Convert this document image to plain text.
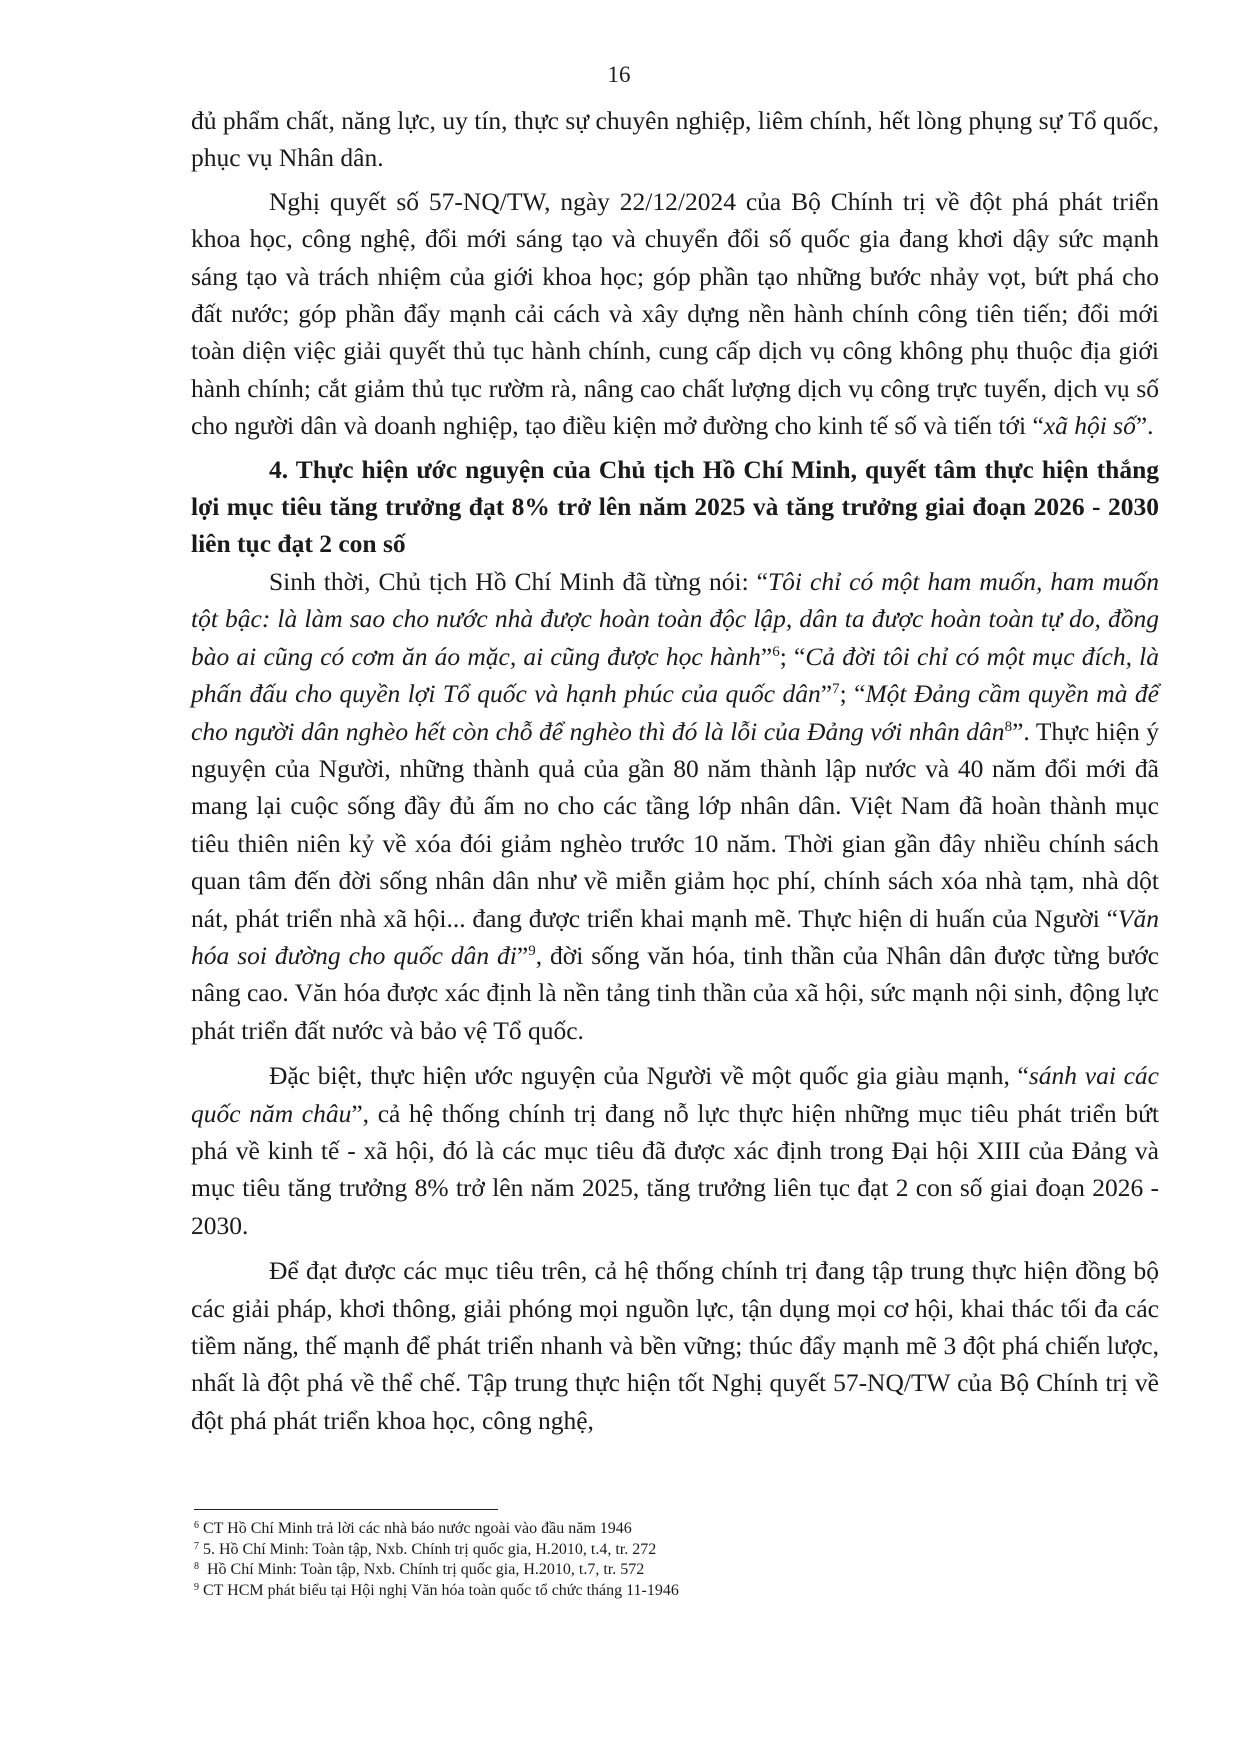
16

đủ phẩm chất, năng lực, uy tín, thực sự chuyên nghiệp, liêm chính, hết lòng phụng sự Tổ quốc, phục vụ Nhân dân.

Nghị quyết số 57-NQ/TW, ngày 22/12/2024 của Bộ Chính trị về đột phá phát triển khoa học, công nghệ, đổi mới sáng tạo và chuyển đổi số quốc gia đang khơi dậy sức mạnh sáng tạo và trách nhiệm của giới khoa học; góp phần tạo những bước nhảy vọt, bứt phá cho đất nước; góp phần đẩy mạnh cải cách và xây dựng nền hành chính công tiên tiến; đổi mới toàn diện việc giải quyết thủ tục hành chính, cung cấp dịch vụ công không phụ thuộc địa giới hành chính; cắt giảm thủ tục rườm rà, nâng cao chất lượng dịch vụ công trực tuyến, dịch vụ số cho người dân và doanh nghiệp, tạo điều kiện mở đường cho kinh tế số và tiến tới “xã hội số”.

4. Thực hiện ước nguyện của Chủ tịch Hồ Chí Minh, quyết tâm thực hiện thắng lợi mục tiêu tăng trưởng đạt 8% trở lên năm 2025 và tăng trưởng giai đoạn 2026 - 2030 liên tục đạt 2 con số

Sinh thời, Chủ tịch Hồ Chí Minh đã từng nói: “Tôi chỉ có một ham muốn, ham muốn tột bậc: là làm sao cho nước nhà được hoàn toàn độc lập, dân ta được hoàn toàn tự do, đồng bào ai cũng có cơm ăn áo mặc, ai cũng được học hành”$^6$; “Cả đời tôi chỉ có một mục đích, là phấn đấu cho quyền lợi Tổ quốc và hạnh phúc của quốc dân”$^7$; “Một Đảng cầm quyền mà để cho người dân nghèo hết còn chỗ để nghèo thì đó là lỗi của Đảng với nhân dân$^8$”. Thực hiện ý nguyện của Người, những thành quả của gần 80 năm thành lập nước và 40 năm đổi mới đã mang lại cuộc sống đầy đủ ấm no cho các tầng lớp nhân dân. Việt Nam đã hoàn thành mục tiêu thiên niên kỷ về xóa đói giảm nghèo trước 10 năm. Thời gian gần đây nhiều chính sách quan tâm đến đời sống nhân dân như về miễn giảm học phí, chính sách xóa nhà tạm, nhà dột nát, phát triển nhà xã hội... đang được triển khai mạnh mẽ. Thực hiện di huấn của Người “Văn hóa soi đường cho quốc dân đi”$^9$, đời sống văn hóa, tinh thần của Nhân dân được từng bước nâng cao. Văn hóa được xác định là nền tảng tinh thần của xã hội, sức mạnh nội sinh, động lực phát triển đất nước và bảo vệ Tổ quốc.

Đặc biệt, thực hiện ước nguyện của Người về một quốc gia giàu mạnh, “sánh vai các quốc năm châu”, cả hệ thống chính trị đang nỗ lực thực hiện những mục tiêu phát triển bứt phá về kinh tế - xã hội, đó là các mục tiêu đã được xác định trong Đại hội XIII của Đảng và mục tiêu tăng trưởng 8% trở lên năm 2025, tăng trưởng liên tục đạt 2 con số giai đoạn 2026 - 2030.

Để đạt được các mục tiêu trên, cả hệ thống chính trị đang tập trung thực hiện đồng bộ các giải pháp, khơi thông, giải phóng mọi nguồn lực, tận dụng mọi cơ hội, khai thác tối đa các tiềm năng, thế mạnh để phát triển nhanh và bền vững; thúc đẩy mạnh mẽ 3 đột phá chiến lược, nhất là đột phá về thể chế. Tập trung thực hiện tốt Nghị quyết 57-NQ/TW của Bộ Chính trị về đột phá phát triển khoa học, công nghệ,

$^6$ CT Hồ Chí Minh trả lời các nhà báo nước ngoài vào đầu năm 1946
$^7$ 5. Hồ Chí Minh: Toàn tập, Nxb. Chính trị quốc gia, H.2010, t.4, tr. 272
$^8$ Hồ Chí Minh: Toàn tập, Nxb. Chính trị quốc gia, H.2010, t.7, tr. 572
$^9$ CT HCM phát biểu tại Hội nghị Văn hóa toàn quốc tổ chức tháng 11-1946
